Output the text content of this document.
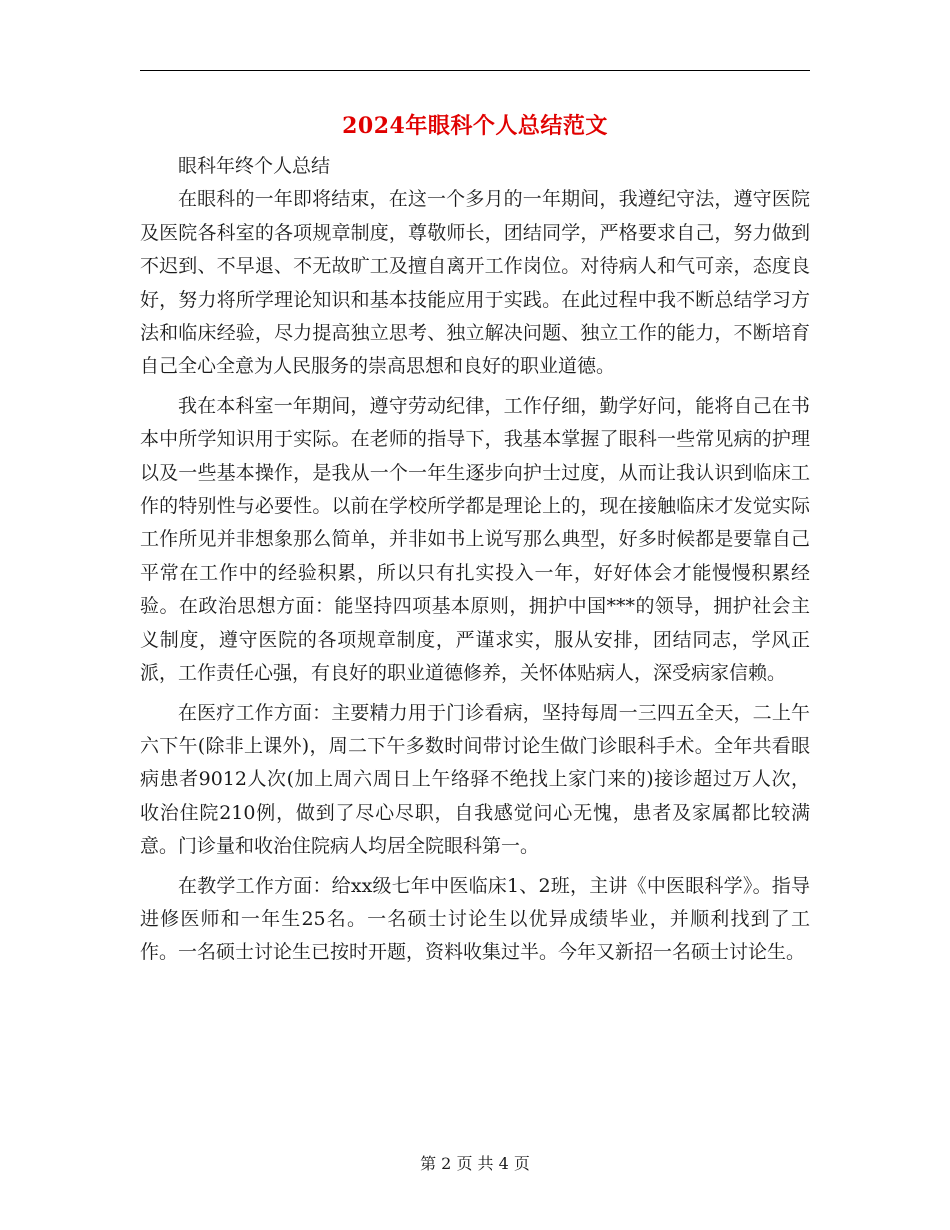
2024年眼科个人总结范文

眼科年终个人总结

在眼科的一年即将结束，在这一个多月的一年期间，我遵纪守法，遵守医院及医院各科室的各项规章制度，尊敬师长，团结同学，严格要求自己，努力做到不迟到、不早退、不无故旷工及擅自离开工作岗位。对待病人和气可亲，态度良好，努力将所学理论知识和基本技能应用于实践。在此过程中我不断总结学习方法和临床经验，尽力提高独立思考、独立解决问题、独立工作的能力，不断培育自己全心全意为人民服务的崇高思想和良好的职业道德。

我在本科室一年期间，遵守劳动纪律，工作仔细，勤学好问，能将自己在书本中所学知识用于实际。在老师的指导下，我基本掌握了眼科一些常见病的护理以及一些基本操作，是我从一个一年生逐步向护士过度，从而让我认识到临床工作的特别性与必要性。以前在学校所学都是理论上的，现在接触临床才发觉实际工作所见并非想象那么简单，并非如书上说写那么典型，好多时候都是要靠自己平常在工作中的经验积累，所以只有扎实投入一年，好好体会才能慢慢积累经验。在政治思想方面：能坚持四项基本原则，拥护中国***的领导，拥护社会主义制度，遵守医院的各项规章制度，严谨求实，服从安排，团结同志，学风正派，工作责任心强，有良好的职业道德修养，关怀体贴病人，深受病家信赖。

在医疗工作方面：主要精力用于门诊看病，坚持每周一三四五全天，二上午六下午(除非上课外)，周二下午多数时间带讨论生做门诊眼科手术。全年共看眼病患者9012人次(加上周六周日上午络驿不绝找上家门来的)接诊超过万人次，收治住院210例，做到了尽心尽职，自我感觉问心无愧，患者及家属都比较满意。门诊量和收治住院病人均居全院眼科第一。

在教学工作方面：给xx级七年中医临床1、2班，主讲《中医眼科学》。指导进修医师和一年生25名。一名硕士讨论生以优异成绩毕业，并顺利找到了工作。一名硕士讨论生已按时开题，资料收集过半。今年又新招一名硕士讨论生。

第 2 页 共 4 页
